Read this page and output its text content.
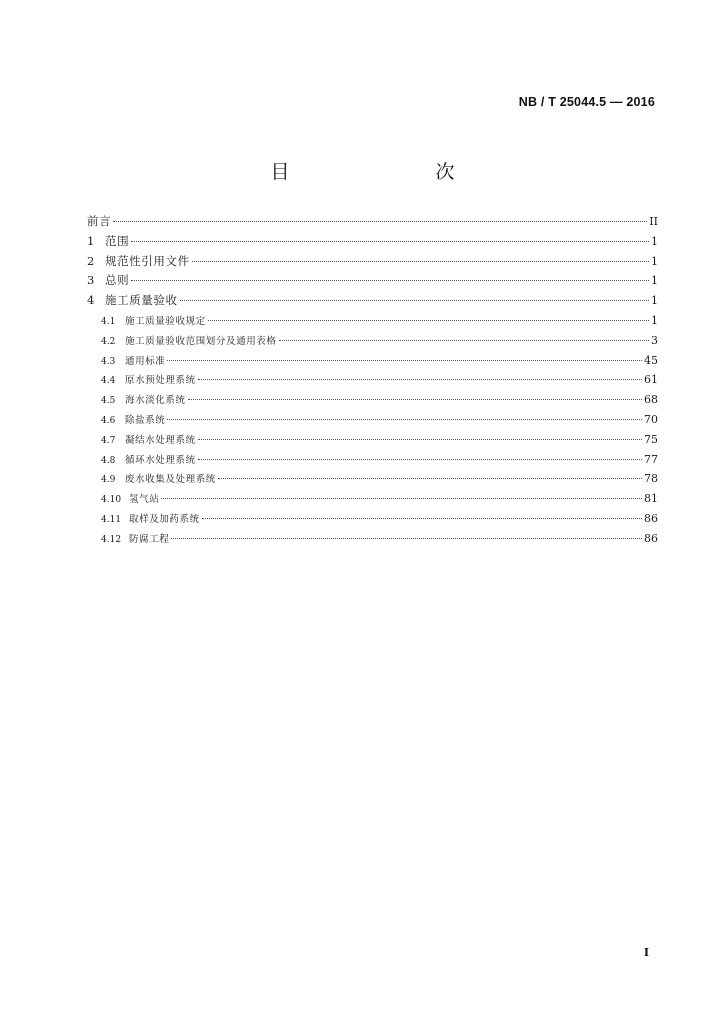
NB / T 25044.5 — 2016
目　　次
前言	II
1 范围	1
2 规范性引用文件	1
3 总则	1
4 施工质量验收	1
4.1	施工质量验收规定	1
4.2	施工质量验收范围划分及通用表格	3
4.3	通用标准	45
4.4	原水预处理系统	61
4.5	海水淡化系统	68
4.6	除盐系统	70
4.7	凝结水处理系统	75
4.8	循环水处理系统	77
4.9	废水收集及处理系统	78
4.10 氢气站	81
4.11 取样及加药系统	86
4.12 防腐工程	86
I
